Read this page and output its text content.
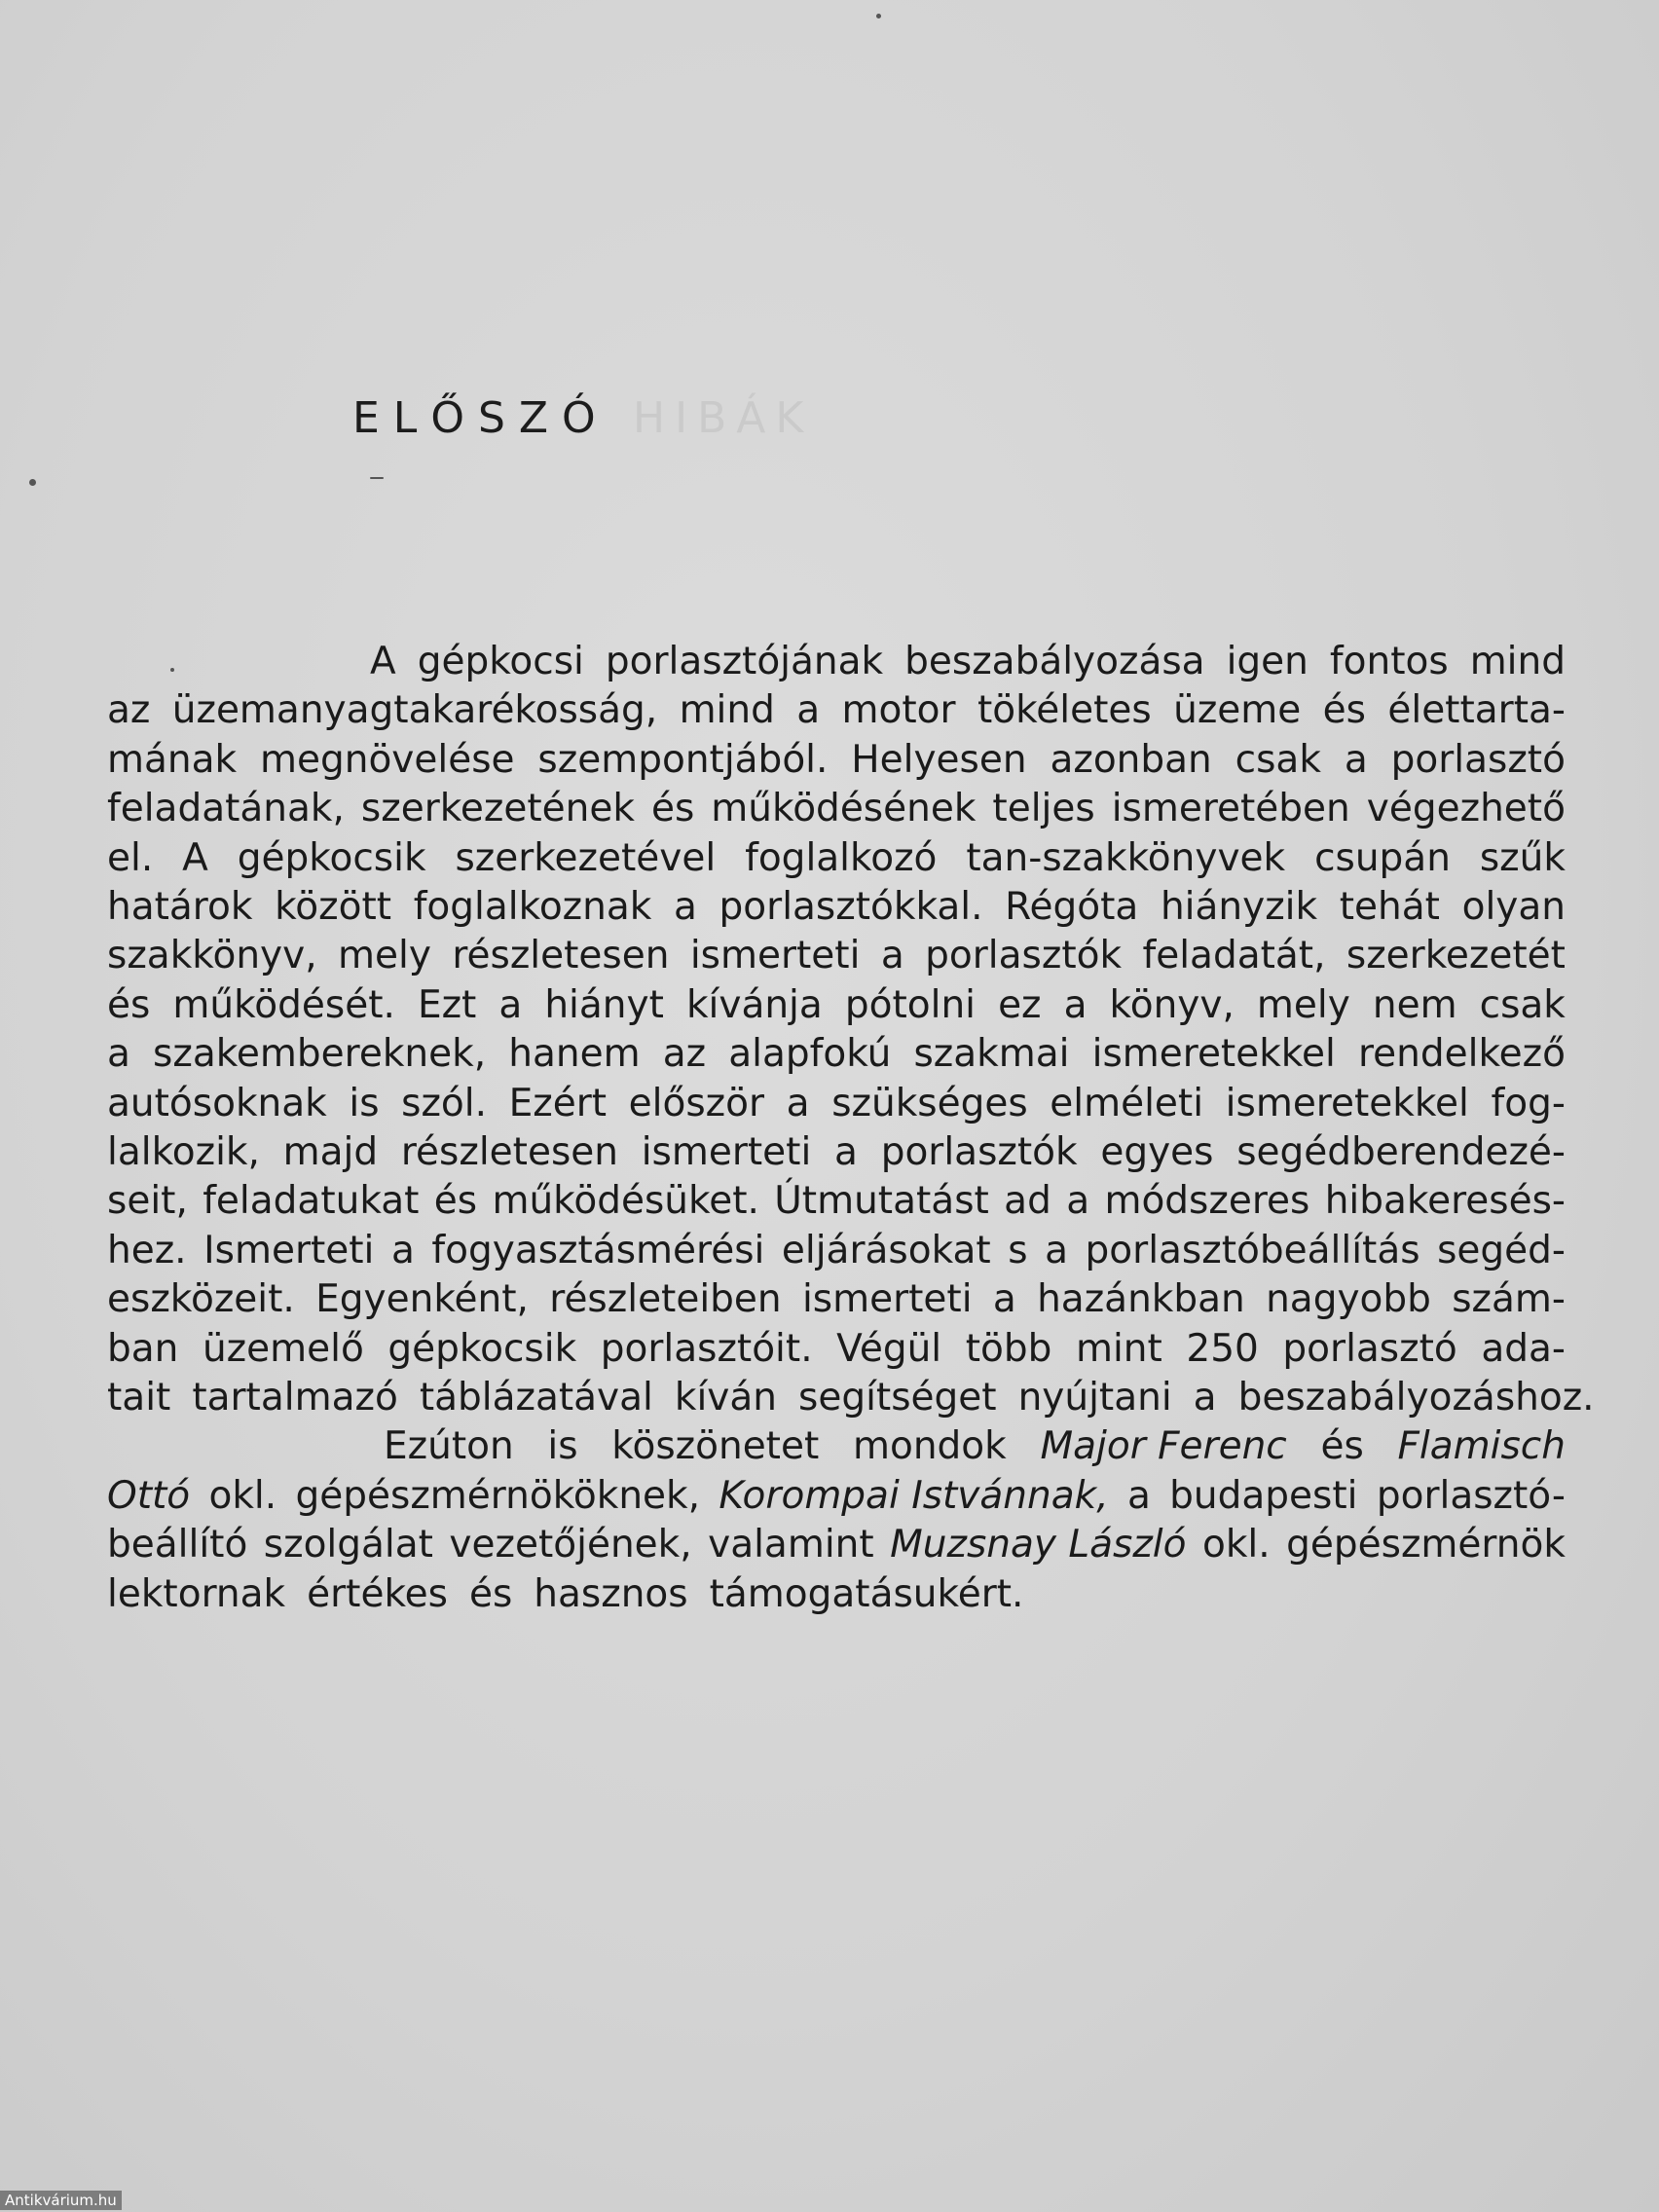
ELŐSZÓ HIBÁK
A gépkocsi porlasztójának beszabályozása igen fontos mind
az üzemanyagtakarékosság, mind a motor tökéletes üzeme és élettarta-
mának megnövelése szempontjából. Helyesen azonban csak a porlasztó
feladatának, szerkezetének és működésének teljes ismeretében végezhető
el. A gépkocsik szerkezetével foglalkozó tan-szakkönyvek csupán szűk
határok között foglalkoznak a porlasztókkal. Régóta hiányzik tehát olyan
szakkönyv, mely részletesen ismerteti a porlasztók feladatát, szerkezetét
és működését. Ezt a hiányt kívánja pótolni ez a könyv, mely nem csak
a szakembereknek, hanem az alapfokú szakmai ismeretekkel rendelkező
autósoknak is szól. Ezért először a szükséges elméleti ismeretekkel fog-
lalkozik, majd részletesen ismerteti a porlasztók egyes segédberendezé-
seit, feladatukat és működésüket. Útmutatást ad a módszeres hibakeresés-
hez. Ismerteti a fogyasztásmérési eljárásokat s a porlasztóbeállítás segéd-
eszközeit. Egyenként, részleteiben ismerteti a hazánkban nagyobb szám-
ban üzemelő gépkocsik porlasztóit. Végül több mint 250 porlasztó ada-
tait tartalmazó táblázatával kíván segítséget nyújtani a beszabályozáshoz.
Ezúton is köszönetet mondok Major Ferenc és Flamisch
Ottó okl. gépészmérnököknek, Korompai Istvánnak, a budapesti porlasztó-
beállító szolgálat vezetőjének, valamint Muzsnay László okl. gépészmérnök
lektornak értékes és hasznos támogatásukért.
Antikvárium.hu
